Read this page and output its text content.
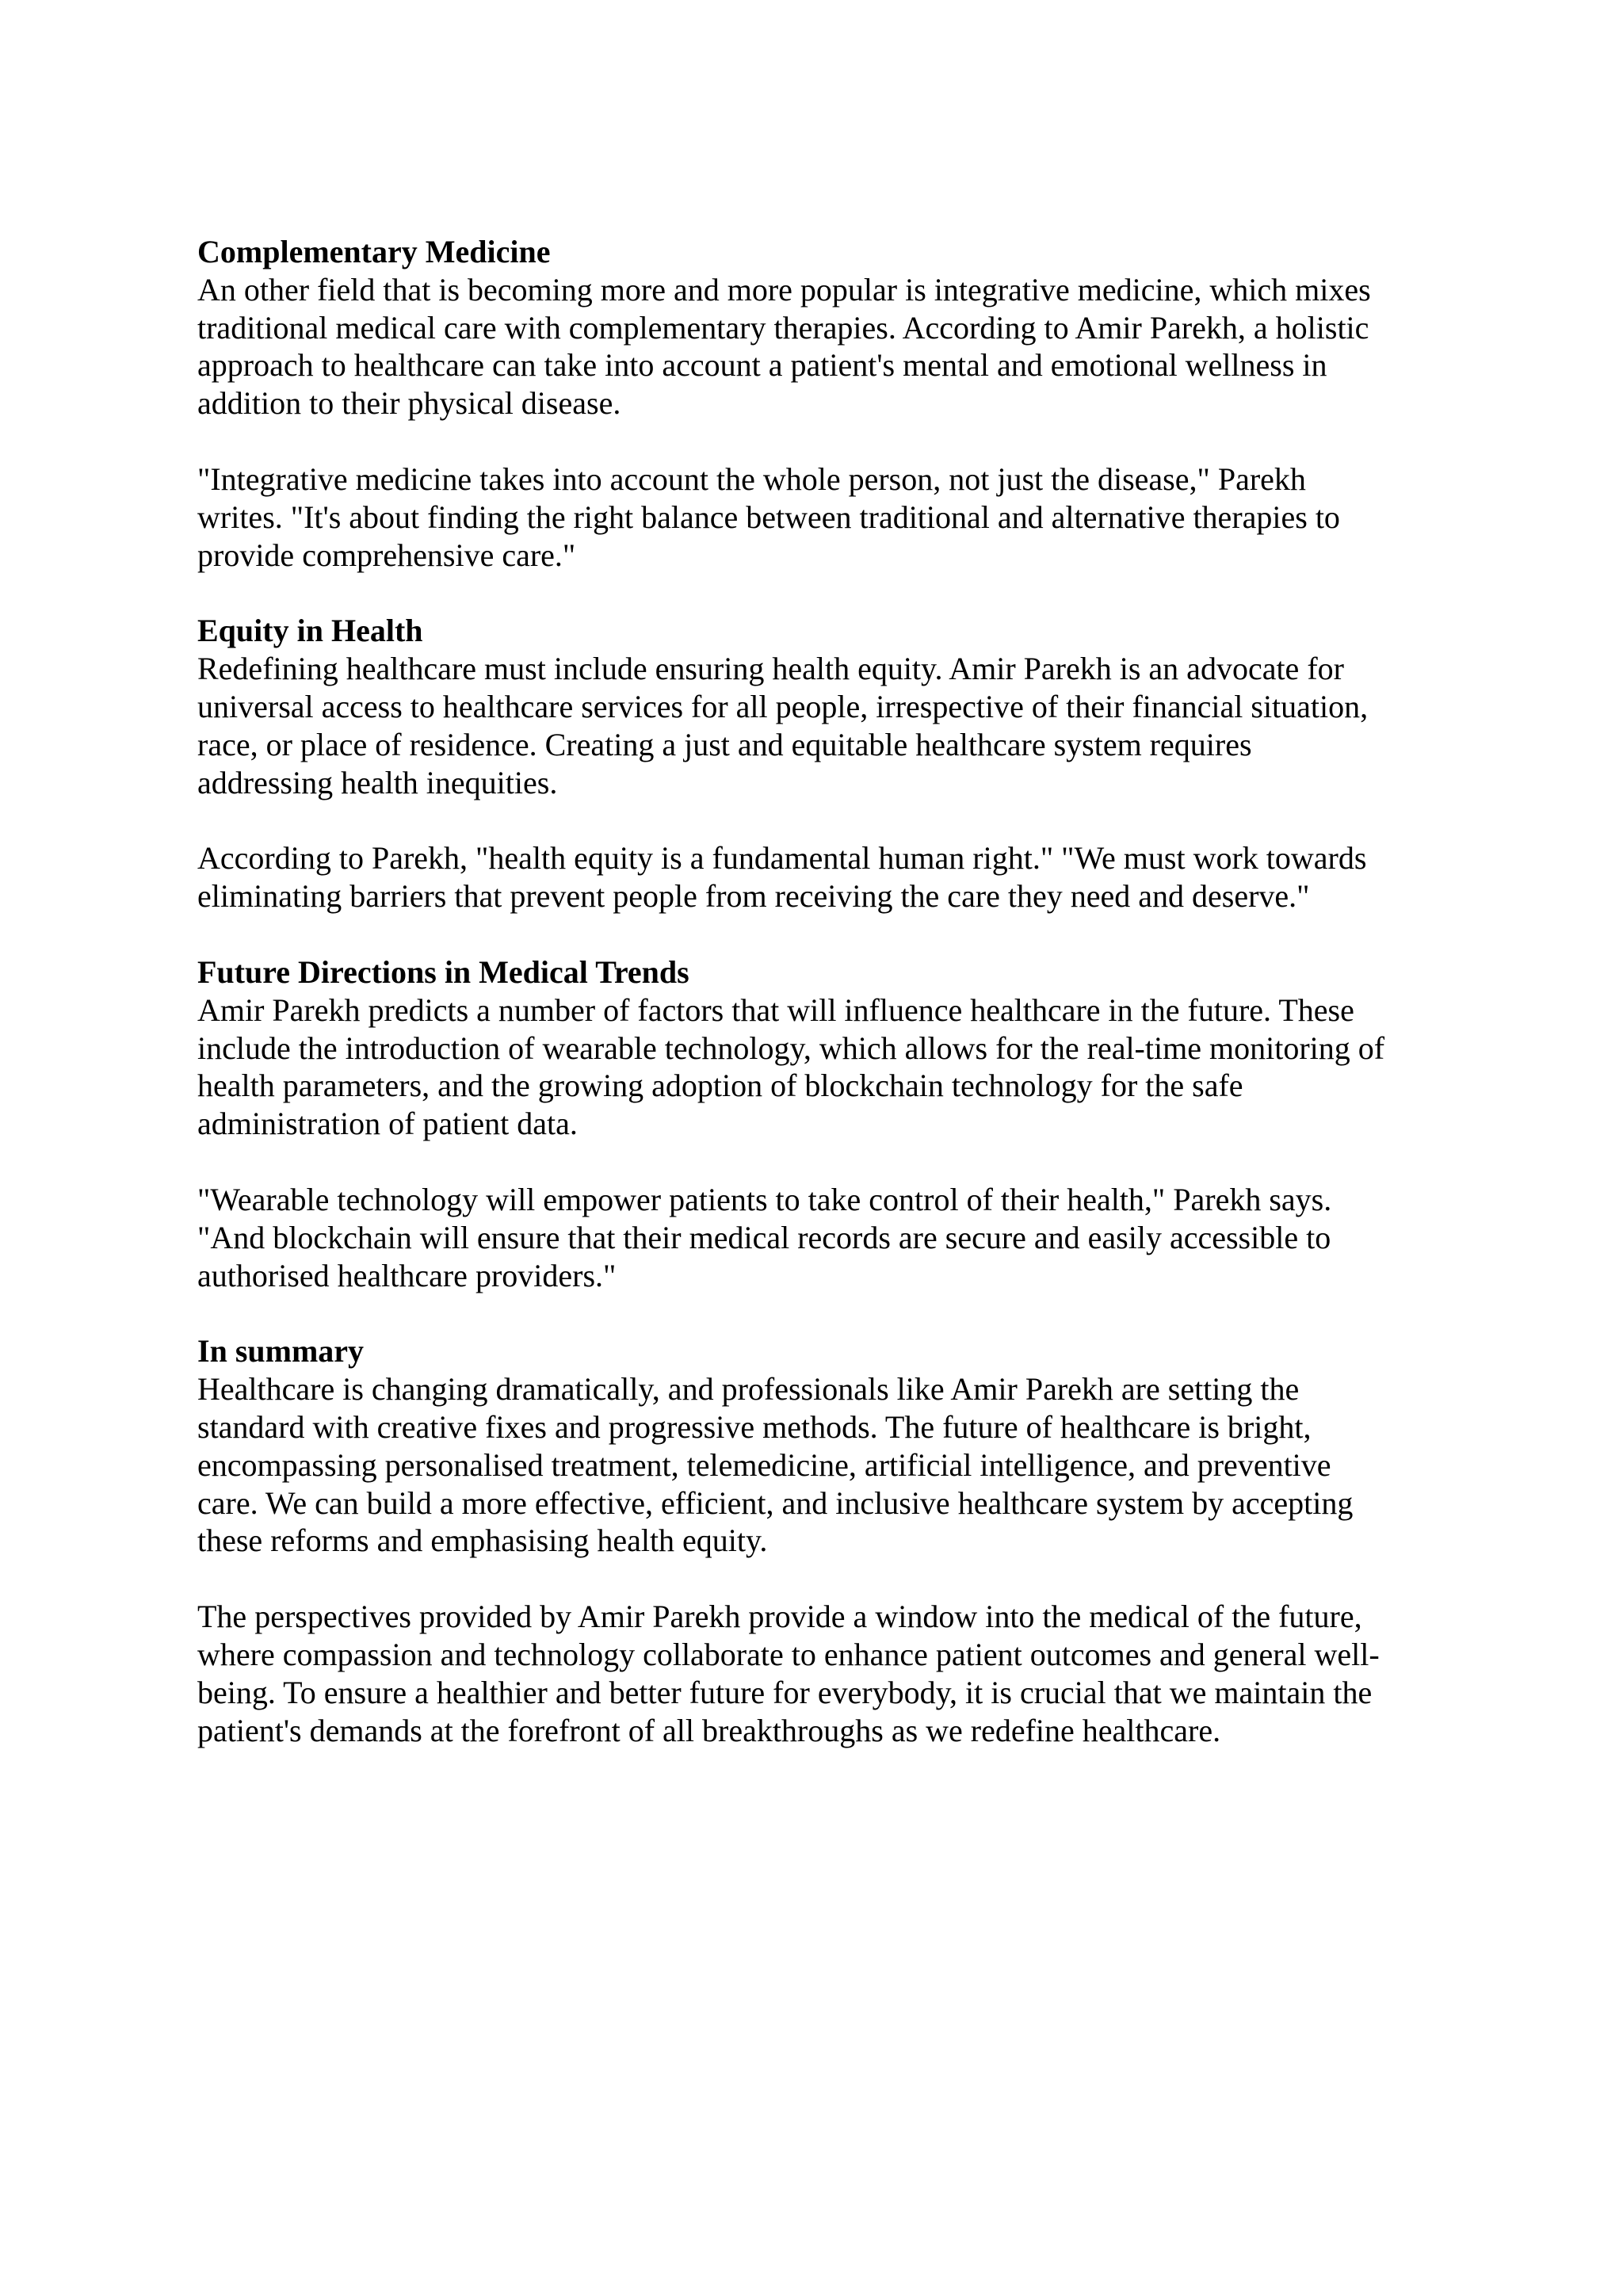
Complementary Medicine
An other field that is becoming more and more popular is integrative medicine, which mixes
traditional medical care with complementary therapies. According to Amir Parekh, a holistic
approach to healthcare can take into account a patient's mental and emotional wellness in
addition to their physical disease.
"Integrative medicine takes into account the whole person, not just the disease," Parekh
writes. "It's about finding the right balance between traditional and alternative therapies to
provide comprehensive care."
Equity in Health
Redefining healthcare must include ensuring health equity. Amir Parekh is an advocate for
universal access to healthcare services for all people, irrespective of their financial situation,
race, or place of residence. Creating a just and equitable healthcare system requires
addressing health inequities.
According to Parekh, "health equity is a fundamental human right." "We must work towards
eliminating barriers that prevent people from receiving the care they need and deserve."
Future Directions in Medical Trends
Amir Parekh predicts a number of factors that will influence healthcare in the future. These
include the introduction of wearable technology, which allows for the real-time monitoring of
health parameters, and the growing adoption of blockchain technology for the safe
administration of patient data.
"Wearable technology will empower patients to take control of their health," Parekh says.
"And blockchain will ensure that their medical records are secure and easily accessible to
authorised healthcare providers."
In summary
Healthcare is changing dramatically, and professionals like Amir Parekh are setting the
standard with creative fixes and progressive methods. The future of healthcare is bright,
encompassing personalised treatment, telemedicine, artificial intelligence, and preventive
care. We can build a more effective, efficient, and inclusive healthcare system by accepting
these reforms and emphasising health equity.
The perspectives provided by Amir Parekh provide a window into the medical of the future,
where compassion and technology collaborate to enhance patient outcomes and general well-
being. To ensure a healthier and better future for everybody, it is crucial that we maintain the
patient's demands at the forefront of all breakthroughs as we redefine healthcare.
